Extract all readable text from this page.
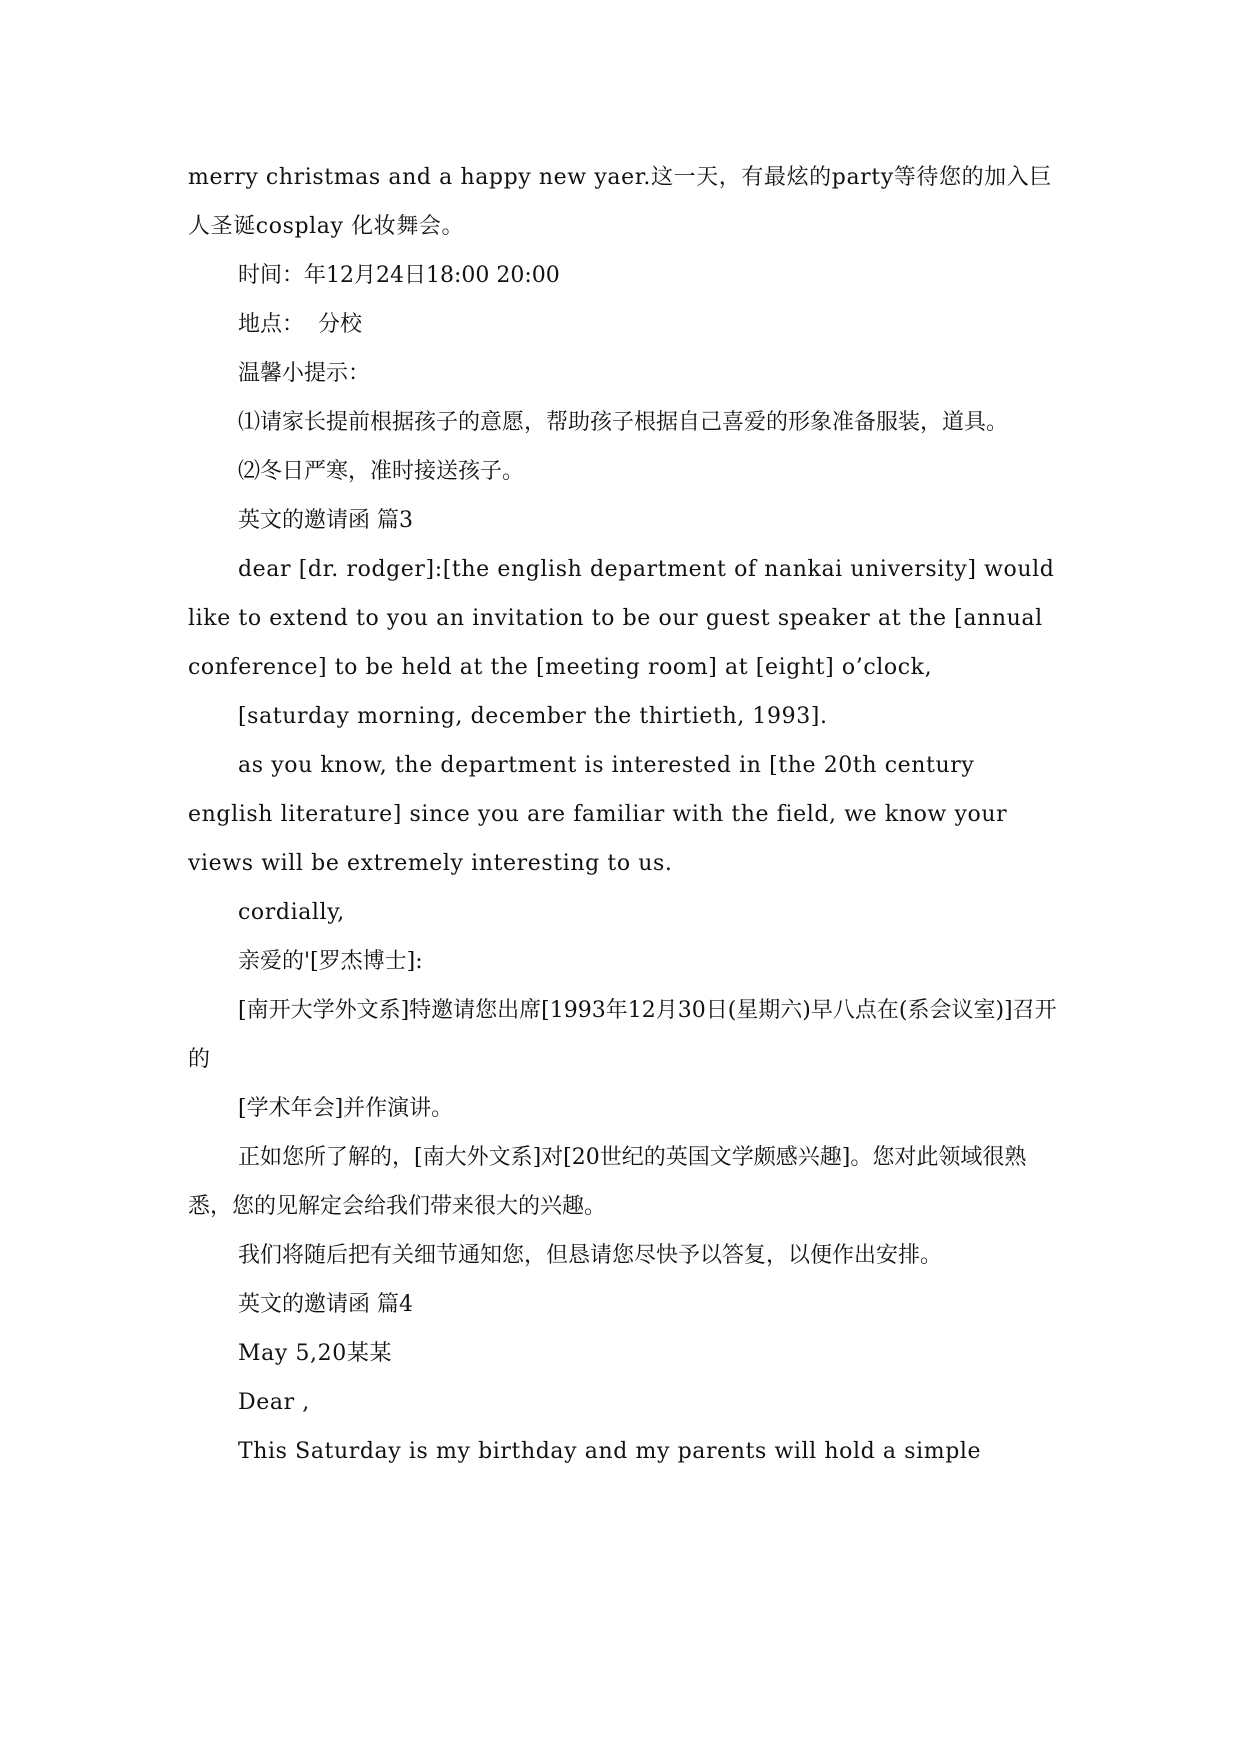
merry christmas and a happy new yaer.这一天，有最炫的party等待您的加入巨人圣诞cosplay 化妆舞会。

时间：年12月24日18:00 20:00

地点：  分校

温馨小提示：

⑴请家长提前根据孩子的意愿，帮助孩子根据自己喜爱的形象准备服装，道具。

⑵冬日严寒，准时接送孩子。

英文的邀请函 篇3

dear [dr. rodger]:[the english department of nankai university] would like to extend to you an invitation to be our guest speaker at the [annual conference] to be held at the [meeting room] at [eight] o’clock,

[saturday morning, december the thirtieth, 1993].

as you know, the department is interested in [the 20th century english literature] since you are familiar with the field, we know your views will be extremely interesting to us.

cordially,

亲爱的'[罗杰博士]:

[南开大学外文系]特邀请您出席[1993年12月30日(星期六)早八点在(系会议室)]召开的

[学术年会]并作演讲。

正如您所了解的，[南大外文系]对[20世纪的英国文学颇感兴趣]。您对此领域很熟悉，您的见解定会给我们带来很大的兴趣。

我们将随后把有关细节通知您，但恳请您尽快予以答复，以便作出安排。

英文的邀请函 篇4

May 5,20某某

Dear ,

This Saturday is my birthday and my parents will hold a simple
